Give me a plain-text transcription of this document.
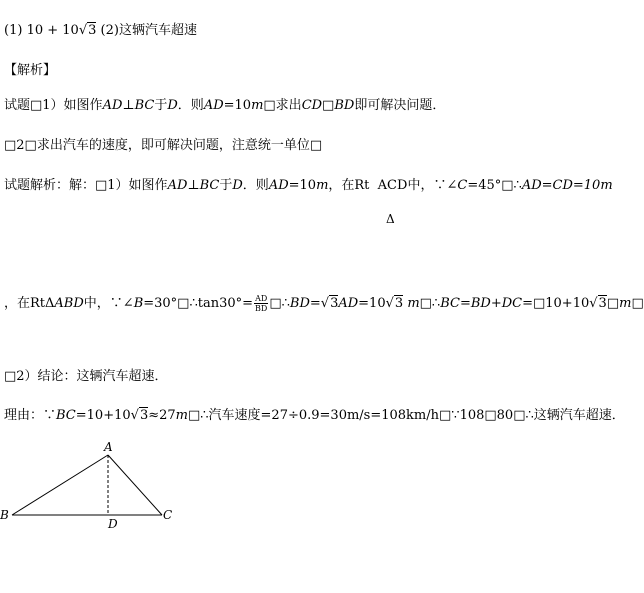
(1) 10 + 10√3 (2)这辆汽车超速
【解析】
试题□1）如图作AD⊥BC于D．则AD=10m□求出CD□BD即可解决问题．
□2□求出汽车的速度，即可解决问题，注意统一单位□
试题解析：解：□1）如图作AD⊥BC于D．则AD=10m，在Rt ACD中，∵∠C=45°□∴AD=CD=10m
Δ
，在RtΔABD中，∵∠B=30°□∴tan30°= $\frac{AD}{BD}$ □∴BD=√3AD=10√3 m□∴BC=BD+DC=□10+10√3□m□
□2）结论：这辆汽车超速．
理由：∵BC=10+10√3≈27m□∴汽车速度=27÷0.9=30m/s=108km/h□∵108□80□∴这辆汽车超速．
A
B	C
D
